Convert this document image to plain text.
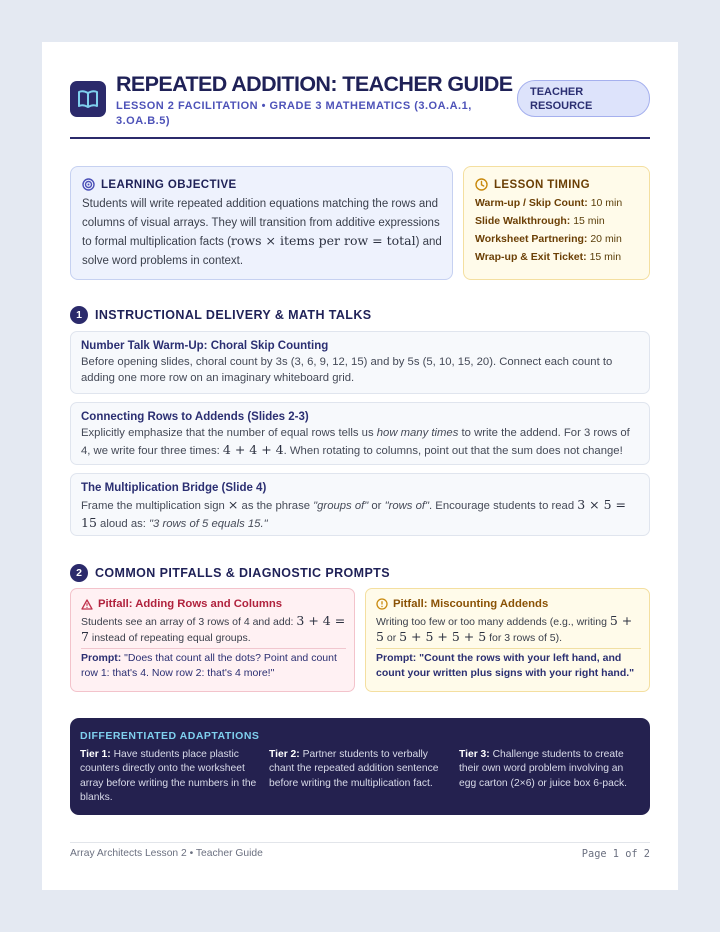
REPEATED ADDITION: TEACHER GUIDE
LESSON 2 FACILITATION • GRADE 3 MATHEMATICS (3.OA.A.1, 3.OA.B.5)
TEACHER
RESOURCE
LEARNING OBJECTIVE
Students will write repeated addition equations matching the rows and columns of visual arrays. They will transition from additive expressions to formal multiplication facts (rows × items per row = total) and solve word problems in context.
LESSON TIMING
Warm-up / Skip Count: 10 min
Slide Walkthrough: 15 min
Worksheet Partnering: 20 min
Wrap-up & Exit Ticket: 15 min
1	INSTRUCTIONAL DELIVERY & MATH TALKS
Number Talk Warm-Up: Choral Skip Counting
Before opening slides, choral count by 3s (3, 6, 9, 12, 15) and by 5s (5, 10, 15, 20). Connect each count to adding one more row on an imaginary whiteboard grid.
Connecting Rows to Addends (Slides 2-3)
Explicitly emphasize that the number of equal rows tells us how many times to write the addend. For 3 rows of 4, we write four three times: 4 + 4 + 4. When rotating to columns, point out that the sum does not change!
The Multiplication Bridge (Slide 4)
Frame the multiplication sign × as the phrase "groups of" or "rows of". Encourage students to read 3 × 5 = 15 aloud as: "3 rows of 5 equals 15."
2	COMMON PITFALLS & DIAGNOSTIC PROMPTS
Pitfall: Adding Rows and Columns
Students see an array of 3 rows of 4 and add: 3 + 4 = 7 instead of repeating equal groups.
Prompt: "Does that count all the dots? Point and count row 1: that's 4. Now row 2: that's 4 more!"
Pitfall: Miscounting Addends
Writing too few or too many addends (e.g., writing 5 + 5 or 5 + 5 + 5 + 5 for 3 rows of 5).
Prompt: "Count the rows with your left hand, and count your written plus signs with your right hand."
DIFFERENTIATED ADAPTATIONS
Tier 1: Have students place plastic counters directly onto the worksheet array before writing the numbers in the blanks.
Tier 2: Partner students to verbally chant the repeated addition sentence before writing the multiplication fact.
Tier 3: Challenge students to create their own word problem involving an egg carton (2×6) or juice box 6-pack.
Array Architects Lesson 2 • Teacher Guide	Page 1 of 2
